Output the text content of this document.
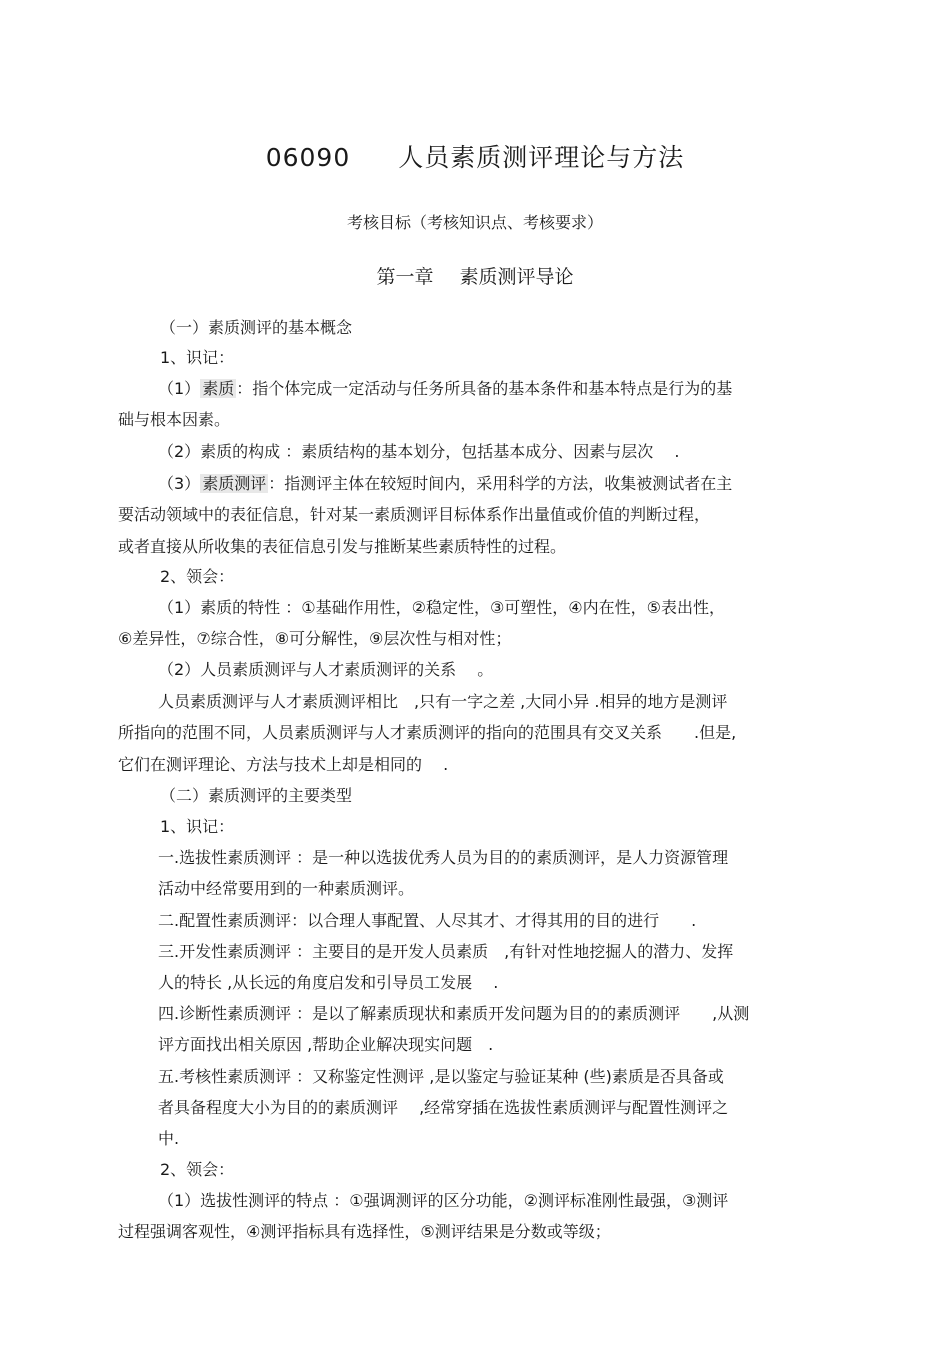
06090 人员素质测评理论与方法
考核目标（考核知识点、考核要求）
第一章 素质测评导论
（一）素质测评的基本概念
1、识记：
（1） 素质 ：指个体完成一定活动与任务所具备的基本条件和基本特点是行为的基
础与根本因素。
（2）素质的构成 ：素质结构的基本划分，包括基本成分、因素与层次　 .
（3） 素质测评 ：指测评主体在较短时间内，采用科学的方法，收集被测试者在主
要活动领域中的表征信息，针对某一素质测评目标体系作出量值或价值的判断过程，
或者直接从所收集的表征信息引发与推断某些素质特性的过程。
2、领会：
（1）素质的特性 ：①基础作用性，②稳定性，③可塑性，④内在性，⑤表出性，
⑥差异性，⑦综合性，⑧可分解性，⑨层次性与相对性；
（2）人员素质测评与人才素质测评的关系　 。
人员素质测评与人才素质测评相比　,只有一字之差 ,大同小异 .相异的地方是测评
所指向的范围不同，人员素质测评与人才素质测评的指向的范围具有交叉关系　　.但是,
它们在测评理论、方法与技术上却是相同的　 .
（二）素质测评的主要类型
1、识记：
一.选拔性素质测评 ：是一种以选拔优秀人员为目的的素质测评，是人力资源管理
活动中经常要用到的一种素质测评。
二.配置性素质测评：以合理人事配置、人尽其才、才得其用的目的进行　　.
三.开发性素质测评 ：主要目的是开发人员素质　,有针对性地挖掘人的潜力、发挥
人的特长 ,从长远的角度启发和引导员工发展　 .
四.诊断性素质测评 ：是以了解素质现状和素质开发问题为目的的素质测评　　,从测
评方面找出相关原因 ,帮助企业解决现实问题　.
五.考核性素质测评 ：又称鉴定性测评 ,是以鉴定与验证某种 (些)素质是否具备或
者具备程度大小为目的的素质测评　 ,经常穿插在选拔性素质测评与配置性测评之
中.
2、领会：
（1）选拔性测评的特点 ：①强调测评的区分功能，②测评标准刚性最强，③测评
过程强调客观性，④测评指标具有选择性，⑤测评结果是分数或等级；
